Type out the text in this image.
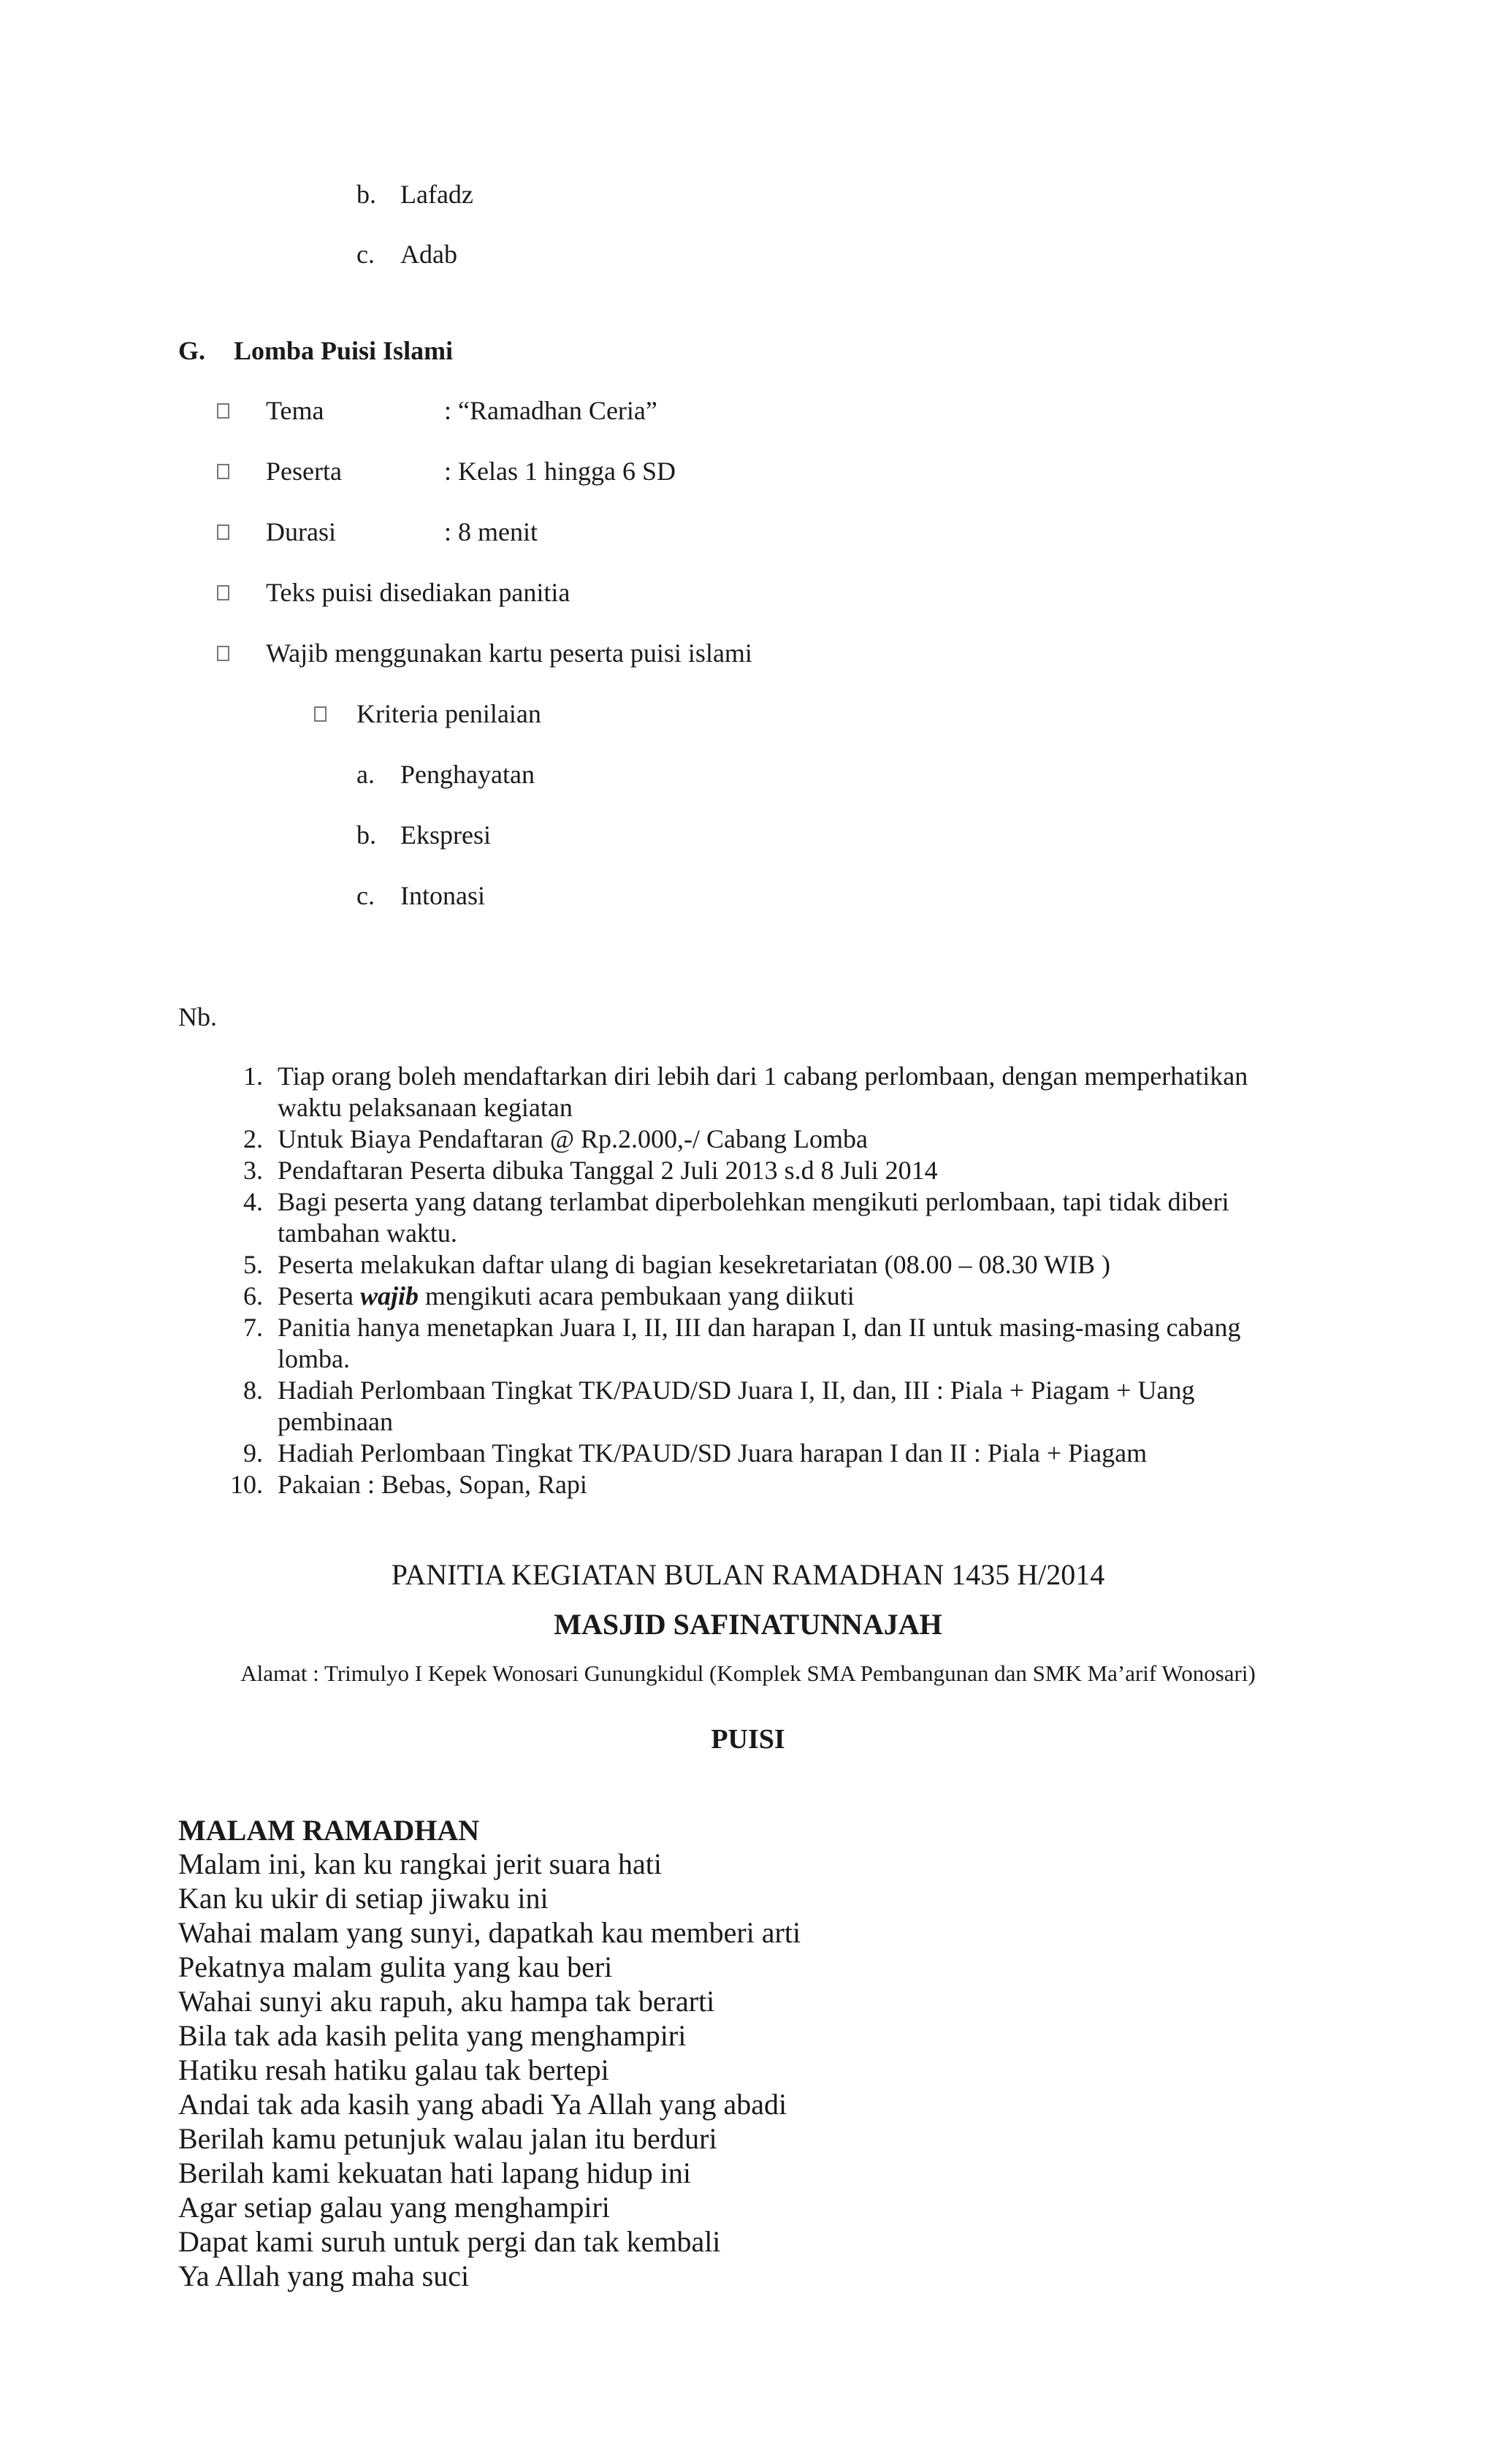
b. Lafadz
c. Adab
G. Lomba Puisi Islami
Tema	: “Ramadhan Ceria”
Peserta	: Kelas 1 hingga 6 SD
Durasi	: 8 menit
Teks puisi disediakan panitia
Wajib menggunakan kartu peserta puisi islami
Kriteria penilaian
a. Penghayatan
b. Ekspresi
c. Intonasi
Nb.
1. Tiap orang boleh mendaftarkan diri lebih dari 1 cabang perlombaan, dengan memperhatikan
waktu pelaksanaan kegiatan
2. Untuk Biaya Pendaftaran @ Rp.2.000,-/ Cabang Lomba
3. Pendaftaran Peserta dibuka Tanggal 2 Juli 2013 s.d 8 Juli 2014
4. Bagi peserta yang datang terlambat diperbolehkan mengikuti perlombaan, tapi tidak diberi
tambahan waktu.
5. Peserta melakukan daftar ulang di bagian kesekretariatan (08.00 – 08.30 WIB )
6. Peserta wajib mengikuti acara pembukaan yang diikuti
7. Panitia hanya menetapkan Juara I, II, III dan harapan I, dan II untuk masing-masing cabang
lomba.
8. Hadiah Perlombaan Tingkat TK/PAUD/SD Juara I, II, dan, III : Piala + Piagam + Uang
pembinaan
9. Hadiah Perlombaan Tingkat TK/PAUD/SD Juara harapan I dan II : Piala + Piagam
10. Pakaian : Bebas, Sopan, Rapi
PANITIA KEGIATAN BULAN RAMADHAN 1435 H/2014
MASJID SAFINATUNNAJAH
Alamat : Trimulyo I Kepek Wonosari Gunungkidul (Komplek SMA Pembangunan dan SMK Ma’arif Wonosari)
PUISI
MALAM RAMADHAN
Malam ini, kan ku rangkai jerit suara hati
Kan ku ukir di setiap jiwaku ini
Wahai malam yang sunyi, dapatkah kau memberi arti
Pekatnya malam gulita yang kau beri
Wahai sunyi aku rapuh, aku hampa tak berarti
Bila tak ada kasih pelita yang menghampiri
Hatiku resah hatiku galau tak bertepi
Andai tak ada kasih yang abadi Ya Allah yang abadi
Berilah kamu petunjuk walau jalan itu berduri
Berilah kami kekuatan hati lapang hidup ini
Agar setiap galau yang menghampiri
Dapat kami suruh untuk pergi dan tak kembali
Ya Allah yang maha suci
